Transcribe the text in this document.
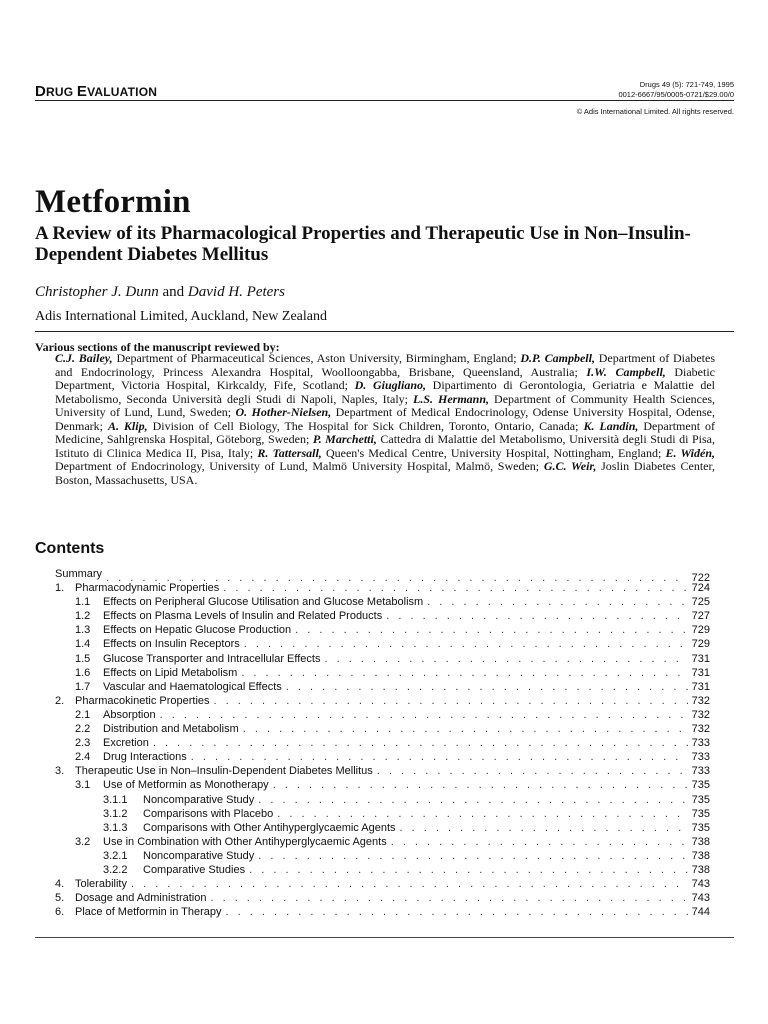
DRUG EVALUATION
Drugs 49 (5): 721-749, 1995
0012-6667/95/0005-0721/$29.00/0
© Adis International Limited. All rights reserved.
Metformin
A Review of its Pharmacological Properties and Therapeutic Use in Non–Insulin-Dependent Diabetes Mellitus
Christopher J. Dunn and David H. Peters
Adis International Limited, Auckland, New Zealand
Various sections of the manuscript reviewed by:
C.J. Bailey, Department of Pharmaceutical Sciences, Aston University, Birmingham, England; D.P. Campbell, Department of Diabetes and Endocrinology, Princess Alexandra Hospital, Woolloongabba, Brisbane, Queensland, Australia; I.W. Campbell, Diabetic Department, Victoria Hospital, Kirkcaldy, Fife, Scotland; D. Giugliano, Dipartimento di Gerontologia, Geriatria e Malattie del Metabolismo, Seconda Università degli Studi di Napoli, Naples, Italy; L.S. Hermann, Department of Community Health Sciences, University of Lund, Lund, Sweden; O. Hother-Nielsen, Department of Medical Endocrinology, Odense University Hospital, Odense, Denmark; A. Klip, Division of Cell Biology, The Hospital for Sick Children, Toronto, Ontario, Canada; K. Landin, Department of Medicine, Sahlgrenska Hospital, Göteborg, Sweden; P. Marchetti, Cattedra di Malattie del Metabolismo, Università degli Studi di Pisa, Istituto di Clinica Medica II, Pisa, Italy; R. Tattersall, Queen's Medical Centre, University Hospital, Nottingham, England; E. Widén, Department of Endocrinology, University of Lund, Malmö University Hospital, Malmö, Sweden; G.C. Weir, Joslin Diabetes Center, Boston, Massachusetts, USA.
Contents
Summary . . .	722
1. Pharmacodynamic Properties . . .	724
1.1	Effects on Peripheral Glucose Utilisation and Glucose Metabolism . . .	725
1.2	Effects on Plasma Levels of Insulin and Related Products . . .	727
1.3	Effects on Hepatic Glucose Production . . .	729
1.4	Effects on Insulin Receptors . . .	729
1.5	Glucose Transporter and Intracellular Effects . . .	731
1.6	Effects on Lipid Metabolism . . .	731
1.7	Vascular and Haematological Effects . . .	731
2. Pharmacokinetic Properties . . .	732
2.1	Absorption . . .	732
2.2	Distribution and Metabolism . . .	732
2.3	Excretion . . .	733
2.4	Drug Interactions . . .	733
3. Therapeutic Use in Non–Insulin-Dependent Diabetes Mellitus . . .	733
3.1	Use of Metformin as Monotherapy . . .	735
3.1.1	Noncomparative Study . . .	735
3.1.2	Comparisons with Placebo . . .	735
3.1.3	Comparisons with Other Antihyperglycaemic Agents . . .	735
3.2	Use in Combination with Other Antihyperglycaemic Agents . . .	738
3.2.1	Noncomparative Study . . .	738
3.2.2	Comparative Studies . . .	738
4. Tolerability . . .	743
5. Dosage and Administration . . .	743
6. Place of Metformin in Therapy . . .	744
